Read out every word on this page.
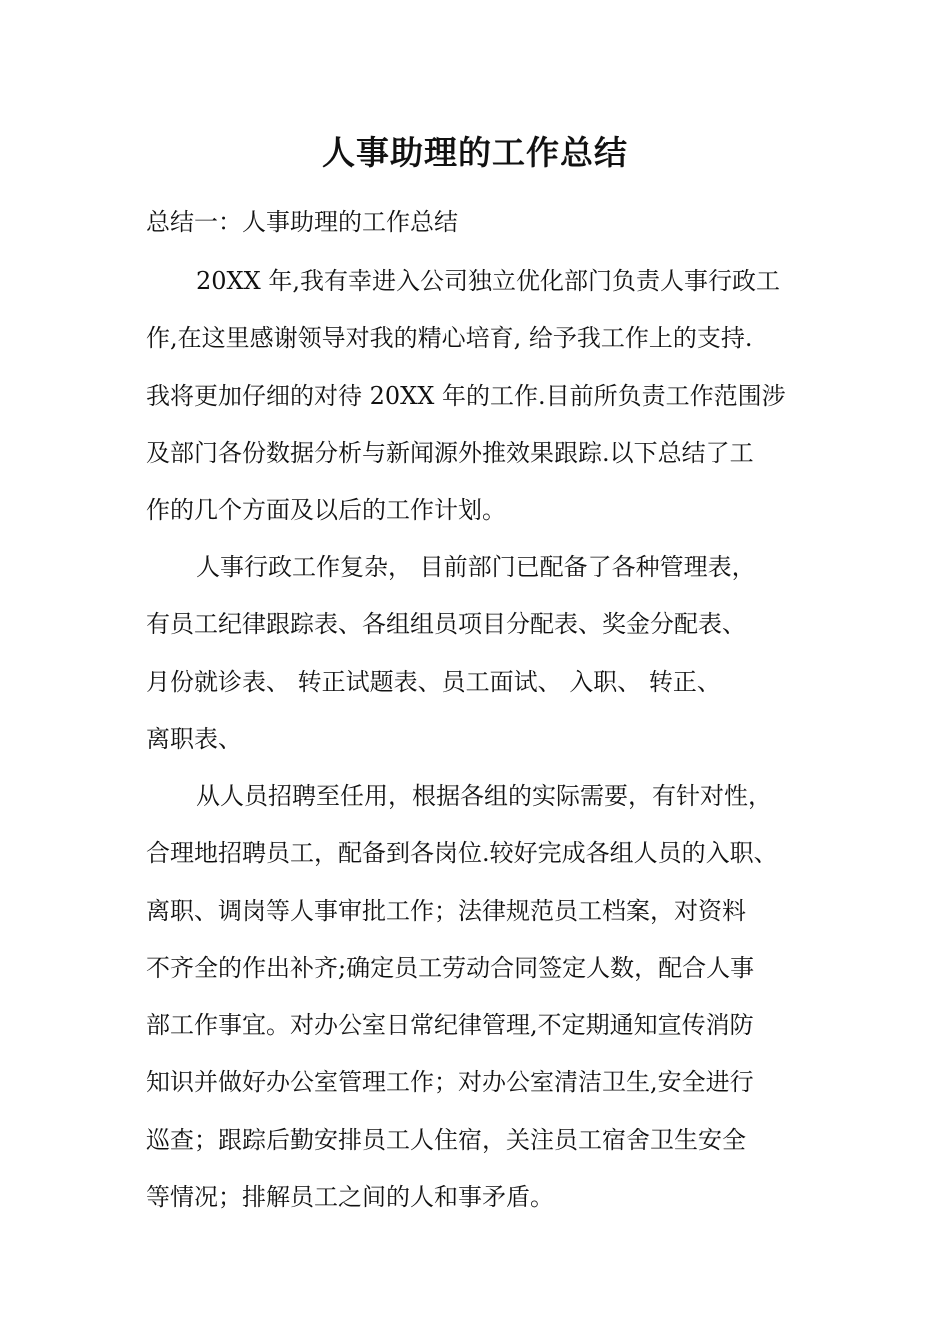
人事助理的工作总结

总结一：人事助理的工作总结

20XX 年,我有幸进入公司独立优化部门负责人事行政工
作,在这里感谢领导对我的精心培育, 给予我工作上的支持.
我将更加仔细的对待 20XX 年的工作.目前所负责工作范围涉
及部门各份数据分析与新闻源外推效果跟踪.以下总结了工
作的几个方面及以后的工作计划。
人事行政工作复杂， 目前部门已配备了各种管理表，
有员工纪律跟踪表、各组组员项目分配表、奖金分配表、
月份就诊表、 转正试题表、员工面试、 入职、 转正、
离职表、
从人员招聘至任用，根据各组的实际需要，有针对性，
合理地招聘员工，配备到各岗位.较好完成各组人员的入职、
离职、调岗等人事审批工作；法律规范员工档案，对资料
不齐全的作出补齐;确定员工劳动合同签定人数，配合人事
部工作事宜。对办公室日常纪律管理,不定期通知宣传消防
知识并做好办公室管理工作；对办公室清洁卫生,安全进行
巡查；跟踪后勤安排员工人住宿，关注员工宿舍卫生安全
等情况；排解员工之间的人和事矛盾。
